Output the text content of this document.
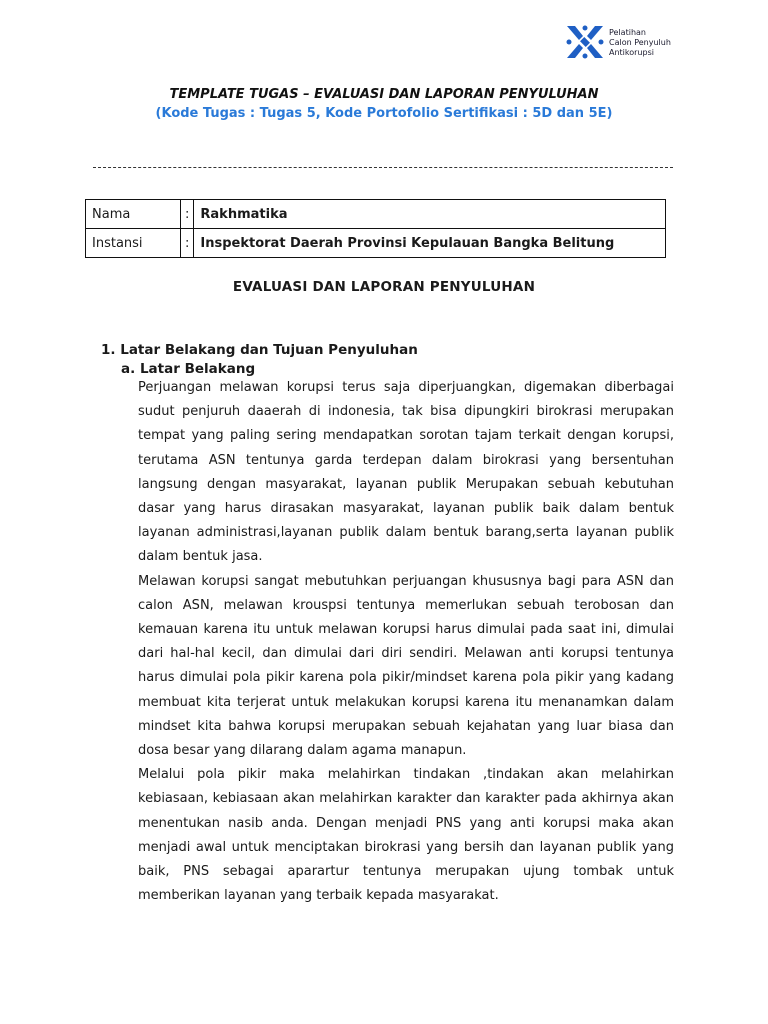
Pelatihan
Calon Penyuluh
Antikorupsi
TEMPLATE TUGAS – EVALUASI DAN LAPORAN PENYULUHAN
(Kode Tugas : Tugas 5, Kode Portofolio Sertifikasi : 5D dan 5E)
Nama	:	Rakhmatika
Instansi	:	Inspektorat Daerah Provinsi Kepulauan Bangka Belitung
EVALUASI DAN LAPORAN PENYULUHAN
1. Latar Belakang dan Tujuan Penyuluhan
a. Latar Belakang

Perjuangan melawan korupsi terus saja diperjuangkan, digemakan diberbagai sudut penjuruh daaerah di indonesia, tak bisa dipungkiri birokrasi merupakan tempat yang paling sering mendapatkan sorotan tajam terkait dengan korupsi, terutama ASN tentunya garda terdepan dalam birokrasi yang bersentuhan langsung dengan masyarakat, layanan publik Merupakan sebuah kebutuhan dasar yang harus dirasakan masyarakat, layanan publik baik dalam bentuk layanan administrasi,layanan publik dalam bentuk barang,serta layanan publik dalam bentuk jasa.

Melawan korupsi sangat mebutuhkan perjuangan khususnya bagi para ASN dan calon ASN, melawan krouspsi tentunya memerlukan sebuah terobosan dan kemauan karena itu untuk melawan korupsi harus dimulai pada saat ini, dimulai dari hal-hal kecil, dan dimulai dari diri sendiri. Melawan anti korupsi tentunya harus dimulai pola pikir karena pola pikir/mindset karena pola pikir yang kadang membuat kita terjerat untuk melakukan korupsi karena itu menanamkan dalam mindset kita bahwa korupsi merupakan sebuah kejahatan yang luar biasa dan dosa besar yang dilarang dalam agama manapun.

Melalui pola pikir maka melahirkan tindakan ,tindakan akan melahirkan kebiasaan, kebiasaan akan melahirkan karakter dan karakter pada akhirnya akan menentukan nasib anda. Dengan menjadi PNS yang anti korupsi maka akan menjadi awal untuk menciptakan birokrasi yang bersih dan layanan publik yang baik, PNS sebagai aparartur tentunya merupakan ujung tombak untuk memberikan layanan yang terbaik kepada masyarakat.
